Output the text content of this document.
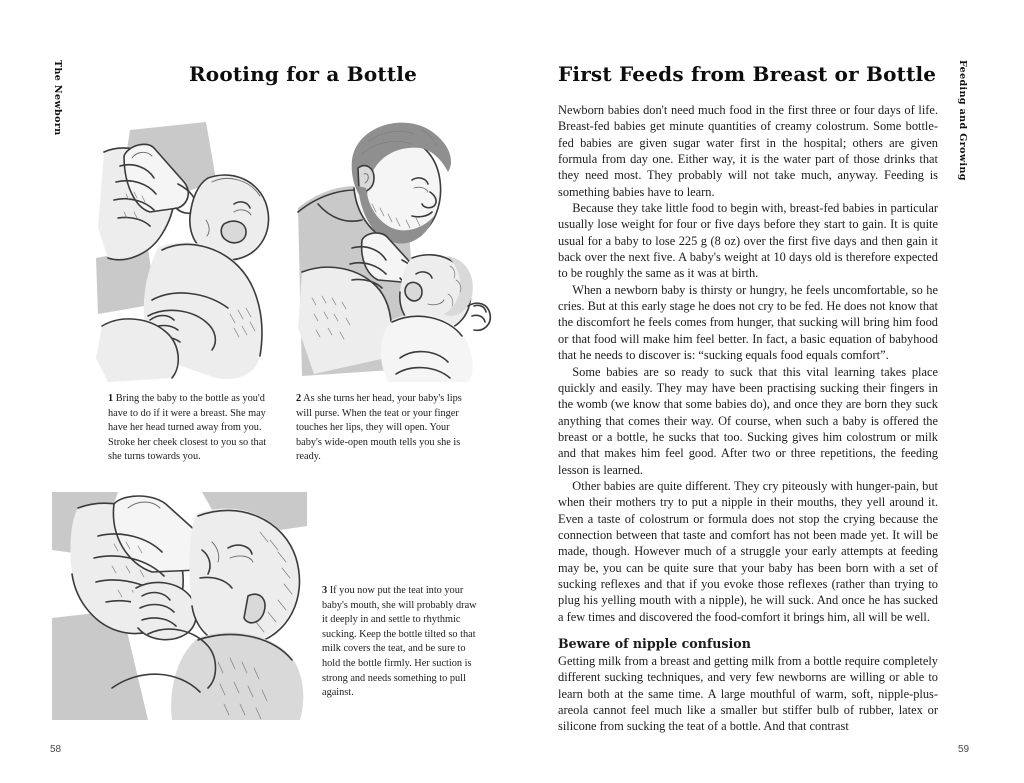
The Newborn	Rooting for a Bottle
1 Bring the baby to the bottle as you'd have to do if it were a breast. She may have her head turned away from you. Stroke her cheek closest to you so that she turns towards you.
2 As she turns her head, your baby's lips will purse. When the teat or your finger touches her lips, they will open. Your baby's wide-open mouth tells you she is ready.
3 If you now put the teat into your baby's mouth, she will probably draw it deeply in and settle to rhythmic sucking. Keep the bottle tilted so that milk covers the teat, and be sure to hold the bottle firmly. Her suction is strong and needs something to pull against.
58
Feeding and Growing
First Feeds from Breast or Bottle

Newborn babies don't need much food in the first three or four days of life. Breast-fed babies get minute quantities of creamy colostrum. Some bottle-fed babies are given sugar water first in the hospital; others are given formula from day one. Either way, it is the water part of those drinks that they need most. They probably will not take much, anyway. Feeding is something babies have to learn.

Because they take little food to begin with, breast-fed babies in particular usually lose weight for four or five days before they start to gain. It is quite usual for a baby to lose 225 g (8 oz) over the first five days and then gain it back over the next five. A baby's weight at 10 days old is therefore expected to be roughly the same as it was at birth.

When a newborn baby is thirsty or hungry, he feels uncomfortable, so he cries. But at this early stage he does not cry to be fed. He does not know that the discomfort he feels comes from hunger, that sucking will bring him food or that food will make him feel better. In fact, a basic equation of babyhood that he needs to discover is: “sucking equals food equals comfort”.

Some babies are so ready to suck that this vital learning takes place quickly and easily. They may have been practising sucking their fingers in the womb (we know that some babies do), and once they are born they suck anything that comes their way. Of course, when such a baby is offered the breast or a bottle, he sucks that too. Sucking gives him colostrum or milk and that makes him feel good. After two or three repetitions, the feeding lesson is learned.

Other babies are quite different. They cry piteously with hunger-pain, but when their mothers try to put a nipple in their mouths, they yell around it. Even a taste of colostrum or formula does not stop the crying because the connection between that taste and comfort has not been made yet. It will be made, though. However much of a struggle your early attempts at feeding may be, you can be quite sure that your baby has been born with a set of sucking reflexes and that if you evoke those reflexes (rather than trying to plug his yelling mouth with a nipple), he will suck. And once he has sucked a few times and discovered the food-comfort it brings him, all will be well.

Beware of nipple confusion

Getting milk from a breast and getting milk from a bottle require completely different sucking techniques, and very few newborns are willing or able to learn both at the same time. A large mouthful of warm, soft, nipple-plus-areola cannot feel much like a smaller but stiffer bulb of rubber, latex or silicone from sucking the teat of a bottle. And that contrast

59
